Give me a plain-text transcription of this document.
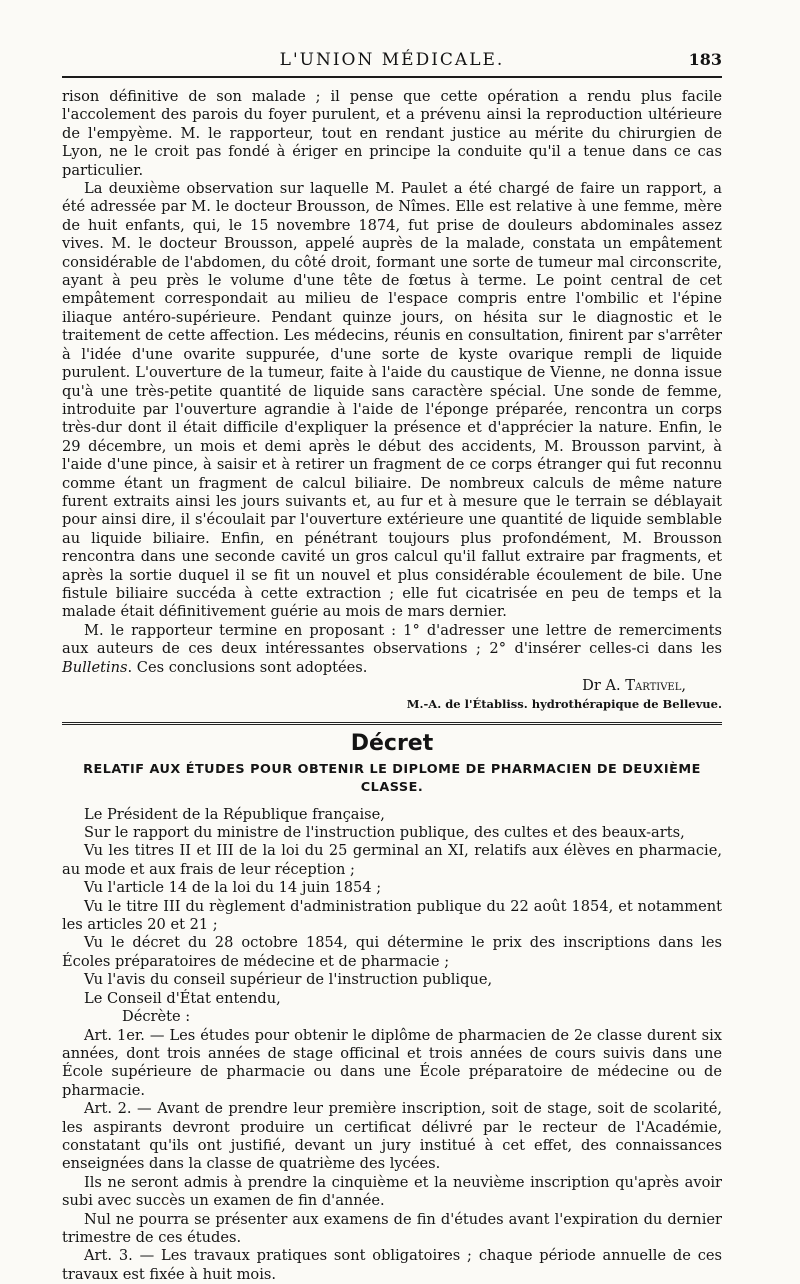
L'UNION MÉDICALE.	183

rison définitive de son malade ; il pense que cette opération a rendu plus facile l'accolement des parois du foyer purulent, et a prévenu ainsi la reproduction ultérieure de l'empyème. M. le rapporteur, tout en rendant justice au mérite du chirurgien de Lyon, ne le croit pas fondé à ériger en principe la conduite qu'il a tenue dans ce cas particulier.

La deuxième observation sur laquelle M. Paulet a été chargé de faire un rapport, a été adressée par M. le docteur Brousson, de Nîmes. Elle est relative à une femme, mère de huit enfants, qui, le 15 novembre 1874, fut prise de douleurs abdominales assez vives. M. le docteur Brousson, appelé auprès de la malade, constata un empâtement considérable de l'abdomen, du côté droit, formant une sorte de tumeur mal circonscrite, ayant à peu près le volume d'une tête de fœtus à terme. Le point central de cet empâtement correspondait au milieu de l'espace compris entre l'ombilic et l'épine iliaque antéro-supérieure. Pendant quinze jours, on hésita sur le diagnostic et le traitement de cette affection. Les médecins, réunis en consultation, finirent par s'arrêter à l'idée d'une ovarite suppurée, d'une sorte de kyste ovarique rempli de liquide purulent. L'ouverture de la tumeur, faite à l'aide du caustique de Vienne, ne donna issue qu'à une très-petite quantité de liquide sans caractère spécial. Une sonde de femme, introduite par l'ouverture agrandie à l'aide de l'éponge préparée, rencontra un corps très-dur dont il était difficile d'expliquer la présence et d'apprécier la nature. Enfin, le 29 décembre, un mois et demi après le début des accidents, M. Brousson parvint, à l'aide d'une pince, à saisir et à retirer un fragment de ce corps étranger qui fut reconnu comme étant un fragment de calcul biliaire. De nombreux calculs de même nature furent extraits ainsi les jours suivants et, au fur et à mesure que le terrain se déblayait pour ainsi dire, il s'écoulait par l'ouverture extérieure une quantité de liquide semblable au liquide biliaire. Enfin, en pénétrant toujours plus profondément, M. Brousson rencontra dans une seconde cavité un gros calcul qu'il fallut extraire par fragments, et après la sortie duquel il se fit un nouvel et plus considérable écoulement de bile. Une fistule biliaire succéda à cette extraction ; elle fut cicatrisée en peu de temps et la malade était définitivement guérie au mois de mars dernier.

M. le rapporteur termine en proposant : 1° d'adresser une lettre de remerciments aux auteurs de ces deux intéressantes observations ; 2° d'insérer celles-ci dans les Bulletins. Ces conclusions sont adoptées.

Dr A. Tartivel,

M.-A. de l'Établiss. hydrothérapique de Bellevue.

Décret
RELATIF AUX ÉTUDES POUR OBTENIR LE DIPLOME DE PHARMACIEN DE DEUXIÈME CLASSE.

Le Président de la République française,

Sur le rapport du ministre de l'instruction publique, des cultes et des beaux-arts,

Vu les titres II et III de la loi du 25 germinal an XI, relatifs aux élèves en pharmacie, au mode et aux frais de leur réception ;

Vu l'article 14 de la loi du 14 juin 1854 ;

Vu le titre III du règlement d'administration publique du 22 août 1854, et notamment les articles 20 et 21 ;

Vu le décret du 28 octobre 1854, qui détermine le prix des inscriptions dans les Écoles préparatoires de médecine et de pharmacie ;

Vu l'avis du conseil supérieur de l'instruction publique,

Le Conseil d'État entendu,

Décrète :

Art. 1er. — Les études pour obtenir le diplôme de pharmacien de 2e classe durent six années, dont trois années de stage officinal et trois années de cours suivis dans une École supérieure de pharmacie ou dans une École préparatoire de médecine ou de pharmacie.

Art. 2. — Avant de prendre leur première inscription, soit de stage, soit de scolarité, les aspirants devront produire un certificat délivré par le recteur de l'Académie, constatant qu'ils ont justifié, devant un jury institué à cet effet, des connaissances enseignées dans la classe de quatrième des lycées.

Ils ne seront admis à prendre la cinquième et la neuvième inscription qu'après avoir subi avec succès un examen de fin d'année.

Nul ne pourra se présenter aux examens de fin d'études avant l'expiration du dernier trimestre de ces études.

Art. 3. — Les travaux pratiques sont obligatoires ; chaque période annuelle de ces travaux est fixée à huit mois.
